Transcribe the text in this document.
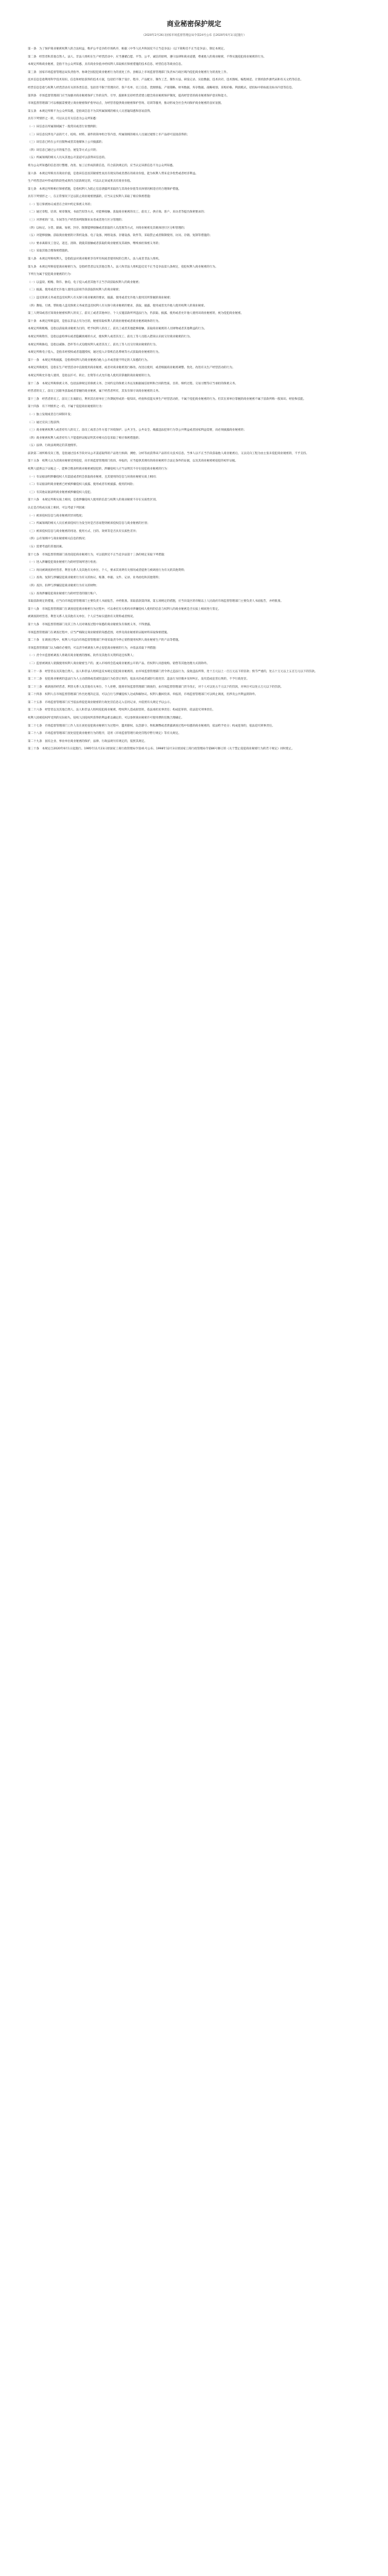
商业秘密保护规定
（2020年2月26日国家市场监督管理总局令第24号公布 自2020年6月1日起施行）

第一条　为了保护商业秘密权利人的合法权益，维护公平竞争的市场秩序，根据《中华人民共和国反不正当竞争法》（以下简称反不正当竞争法），制定本规定。

第二条　经营者和其他自然人、法人、非法人组织在生产经营活动中，应当遵循自愿、平等、公平、诚信的原则，遵守法律和商业道德，尊重他人的商业秘密，不得实施侵犯商业秘密的行为。

本规定所称商业秘密，是指不为公众所知悉、具有商业价值并经权利人采取相应保密措施的技术信息、经营信息等商业信息。

第三条　国家市场监督管理总局负责指导、协调全国侵犯商业秘密行为的查处工作。县级以上市场监督管理部门负责本行政区域内侵犯商业秘密行为的查处工作。

技术信息是指利用科学技术知识、信息和经验获得的技术方案，包括但不限于设计、程序、产品配方、制作工艺、制作方法、研发记录、实验数据、技术诀窍、技术图纸、编程规范、计算机软件源代码和有关文档等信息。

经营信息是指与权利人经营活动有关的各类信息，包括但不限于管理诀窍、客户名单、员工信息、货源情报、产销策略、财务数据、库存数据、战略规划、采购价格、利润模式、招投标中的标底及标书内容等信息。

第四条　市场监督管理部门应当加强对商业秘密保护工作的宣传、引导，鼓励和支持经营者建立健全商业秘密保护制度，提高经营者的商业秘密保护意识和能力。

市场监督管理部门可以根据需要建立商业秘密保护指导站点，为经营者提供商业秘密保护咨询、培训等服务，推动形成全社会共同保护商业秘密的良好氛围。

第五条　本规定所称不为公众所知悉，是指该信息不为其所属领域的相关人员普遍知悉和容易获得。

具有下列情形之一的，可以认定有关信息为公众所知悉：

（一）该信息在所属领域属于一般常识或者行业惯例的；

（二）该信息仅涉及产品的尺寸、结构、材料、部件的简单组合等内容，所属领域的相关人员通过观察上市产品即可直接获得的；

（三）该信息已经在公开出版物或者其他媒体上公开披露的；

（四）该信息已通过公开的报告会、展览等方式公开的；

（五）所属领域的相关人员从其他公开渠道可以获得该信息的。

将为公众所知悉的信息进行整理、改进、加工后形成的新信息，符合前款规定的，应当认定该新信息不为公众所知悉。

第六条　本规定所称具有商业价值，是指该信息因其秘密性而具有现实的或者潜在的商业价值，能为权利人带来竞争优势或者经济利益。

生产经营活动中形成的阶段性成果符合前款规定的，可以认定该成果具有商业价值。

第七条　本规定所称相应保密措施，是指权利人为防止信息泄露所采取的与其商业价值等具体情况相适应的合理保护措施。

具有下列情形之一，在正常情况下足以防止商业秘密泄露的，应当认定权利人采取了相应保密措施：

（一）签订保密协议或者在合同中约定保密义务的；

（二）通过章程、培训、规章制度、书面告知等方式，对能够接触、获取商业秘密的员工、前员工、供应商、客户、来访者等提出保密要求的；

（三）对涉密的厂房、车间等生产经营场所限制来访者或者进行区分管理的；

（四）以标记、分类、隔离、加密、封存、限制能够接触或者获取的人员范围等方式，对商业秘密及其载体进行区分和管理的；

（五）对能够接触、获取商业秘密的计算机设备、电子设备、网络设备、存储设备、软件等，采取禁止或者限制使用、访问、存储、复制等措施的；

（六）要求离职员工登记、返还、清除、销毁其接触或者获取的商业秘密及其载体，继续承担保密义务的；

（七）采取其他合理保密措施的。

第八条　本规定所称权利人，是指依法对商业秘密享有所有权或者使用权的自然人、法人或者非法人组织。

第九条　本规定所称侵犯商业秘密行为，是指经营者以及其他自然人、法人和非法人组织违反反不正当竞争法第九条规定，侵犯权利人商业秘密的行为。

下列行为属于侵犯商业秘密的行为：

（一）以盗窃、贿赂、欺诈、胁迫、电子侵入或者其他不正当手段获取权利人的商业秘密；

（二）披露、使用或者允许他人使用以前项手段获取的权利人的商业秘密；

（三）违反保密义务或者违反权利人有关保守商业秘密的要求，披露、使用或者允许他人使用其所掌握的商业秘密；

（四）教唆、引诱、帮助他人违反保密义务或者违反权利人有关保守商业秘密的要求，获取、披露、使用或者允许他人使用权利人的商业秘密。

第三人明知或者应知商业秘密权利人的员工、前员工或者其他单位、个人实施前款所列违法行为，仍获取、披露、使用或者允许他人使用该商业秘密的，视为侵犯商业秘密。

第十条　本规定所称盗窃，是指以非法占有为目的，秘密窃取权利人的商业秘密或者商业秘密载体的行为。

本规定所称贿赂，是指以获取商业秘密为目的，给予权利人的员工、前员工或者其他能够接触、获取商业秘密的人员财物或者其他利益的行为。

本规定所称欺诈，是指以虚构事实或者隐瞒真相的方式，使权利人或者其员工、前员工等人员陷入错误认识而交付商业秘密的行为。

本规定所称胁迫，是指以威胁、恐吓等方式迫使权利人或者其员工、前员工等人员交付商业秘密的行为。

本规定所称电子侵入，是指未经授权或者超越授权，通过侵入计算机信息系统等方式获取商业秘密的行为。

第十一条　本规定所称披露，是指将权利人的商业秘密向他人公开或者使不特定的人知悉的行为。

本规定所称使用，是指在生产经营活动中直接使用商业秘密，或者对商业秘密进行修改、改进后使用，或者根据商业秘密调整、优化、改进有关生产经营活动的行为。

本规定所称允许他人使用，是指以许可、转让、出资等方式允许他人使用其掌握的商业秘密的行为。

第十二条　本规定所称保密义务，包括法律规定的保密义务、合同约定的保密义务以及根据诚信原则和合同的性质、目的、缔约过程、交易习惯等应当承担的保密义务。

经营者的员工、前员工因职务获取或者掌握的商业秘密，属于经营者所有，其负有保守该商业秘密的义务。

第十三条　经营者的员工、前员工在离职后，利用其在原单位工作期间形成的一般知识、经验和技能从事生产经营活动的，不属于侵犯商业秘密的行为。但其在原单位掌握的商业秘密不属于前款所称一般知识、经验和技能。

第十四条　有下列情形之一的，不属于侵犯商业秘密的行为：

（一）独立发现或者自行研制开发；

（二）通过反向工程获得；

（三）商业秘密权利人或者持有人的员工、前员工或者合作方基于环境保护、公共卫生、公共安全、揭露违法犯罪行为等公共利益或者国家利益需要，而必须披露商业秘密的；

（四）商业秘密权利人或者持有人不能提供证据证明其对相关信息采取了相应保密措施的；

（五）法律、行政法规规定的其他情形。

前款第二项所称反向工程，是指通过技术手段对从公开渠道取得的产品进行拆卸、测绘、分析等而获得该产品的有关技术信息。当事人以不正当手段获取他人商业秘密后，又以反向工程为由主张未侵犯商业秘密的，不予支持。

第十五条　权利人认为其商业秘密受到侵犯，向市场监督管理部门投诉、举报的，应当提供其拥有的商业秘密符合法定条件的证据，以及其商业秘密被侵犯的初步证据。

权利人提供以下证据之一，能够合理表明商业秘密被侵犯的，涉嫌侵权人应当证明其不存在侵犯商业秘密的行为：

（一）有证据表明涉嫌侵权人有渠道或者机会获取商业秘密，且其使用的信息与该商业秘密实质上相同；

（二）有证据表明商业秘密已经被涉嫌侵权人披露、使用或者有被披露、使用的风险；

（三）有其他证据表明商业秘密被涉嫌侵权人侵犯。

第十六条　本规定所称实质上相同，是指涉嫌侵权人使用的信息与权利人的商业秘密不存在实质性区别。

认定是否构成实质上相同，可以考虑下列因素：

（一）被诉侵权信息与商业秘密的异同程度；

（二）所属领域的相关人员在被诉侵权行为发生时是否容易想到被诉侵权信息与商业秘密的区别；

（三）被诉侵权信息与商业秘密的用途、使用方式、目的、效果等是否具有实质性差异；

（四）公有领域中与商业秘密相关信息的情况；

（五）需要考虑的其他因素。

第十七条　市场监督管理部门查处侵犯商业秘密行为，可以依照反不正当竞争法第十三条的规定采取下列措施：

（一）进入涉嫌侵犯商业秘密行为的经营场所进行检查；

（二）询问被调查的经营者、利害关系人及其他有关单位、个人，要求其说明有关情况或者提供与被调查行为有关的其他资料；

（三）查询、复制与涉嫌侵犯商业秘密行为有关的协议、账簿、单据、文件、记录、业务函电和其他资料；

（四）查封、扣押与涉嫌侵犯商业秘密行为有关的财物；

（五）查询涉嫌侵犯商业秘密行为的经营者的银行账户。

采取前款规定的措施，应当向市场监督管理部门主要负责人书面报告，并经批准。采取前款第四项、第五项规定的措施，应当向设区的市级以上人民政府市场监督管理部门主要负责人书面报告，并经批准。

第十八条　市场监督管理部门在调查侵犯商业秘密行为过程中，可以委托有关机构对涉嫌侵权人使用的信息与权利人的商业秘密是否实质上相同进行鉴定。

被调查的经营者、利害关系人及其他有关单位、个人应当如实提供有关资料或者情况。

第十九条　市场监督管理部门及其工作人员对调查过程中知悉的商业秘密负有保密义务，不得泄露。

市场监督管理部门在调查过程中，应当严格限定商业秘密的知悉范围，对涉及商业秘密的证据材料采取保密措施。

第二十条　在调查过程中，权利人可以向市场监督管理部门申请采取责令停止销售使用权利人商业秘密生产的产品等措施。

市场监督管理部门认为确有必要的，可以责令被调查人停止侵犯商业秘密的行为，并依法采取下列措施：

（一）责令并监督被调查人将载有商业秘密的图纸、软件及其他有关资料返还权利人；

（二）监督被调查人销毁使用权利人商业秘密生产的、流入市场将会造成商业秘密公开的产品。但权利人同意收购、销售等其他处理方式的除外。

第二十一条　经营者以及其他自然人、法人和非法人组织违反本规定侵犯商业秘密的，由市场监督管理部门责令停止违法行为，没收违法所得，处十万元以上一百万元以下的罚款；情节严重的，处五十万元以上五百万元以下的罚款。

第二十二条　侵犯商业秘密的违法行为人主动消除或者减轻违法行为危害后果的，依法从轻或者减轻行政处罚；违法行为轻微并及时纠正，没有造成危害后果的，不予行政处罚。

第二十三条　被调查的经营者、利害关系人及其他有关单位、个人拒绝、阻碍市场监督管理部门调查的，由市场监督管理部门责令改正，对个人可以处五千元以下的罚款，对单位可以处五万元以下的罚款。

第二十四条　权利人在市场监督管理部门作出处理决定前，可以自行与涉嫌侵权人达成和解协议。权利人撤回投诉、举报的，市场监督管理部门可以终止调查，但涉及公共利益的除外。

第二十五条　市场监督管理部门应当依法将侵犯商业秘密的行政处罚信息记入信用记录，并依照有关规定予以公示。

第二十六条　经营者以及其他自然人、法人和非法人组织侵犯商业秘密，给权利人造成损害的，依法承担民事责任；构成犯罪的，依法追究刑事责任。

权利人因被侵权所受到的实际损失、侵权人因侵权所获得的利益难以确定的，可以参照商业秘密许可使用费的倍数合理确定。

第二十七条　市场监督管理部门工作人员在查处侵犯商业秘密行为过程中，滥用职权、玩忽职守、徇私舞弊或者泄露调查过程中知悉的商业秘密的，依法给予处分；构成犯罪的，依法追究刑事责任。

第二十八条　市场监督管理部门查处侵犯商业秘密行为的程序，适用《市场监督管理行政处罚程序暂行规定》等有关规定。

第二十九条　国有企业、事业单位商业秘密的保护，法律、行政法规另有规定的，依照其规定。

第三十条　本规定自2020年6月1日起施行。1995年11月23日原国家工商行政管理局令第41号公布、1998年12月3日原国家工商行政管理局令第86号修订的《关于禁止侵犯商业秘密行为的若干规定》同时废止。
